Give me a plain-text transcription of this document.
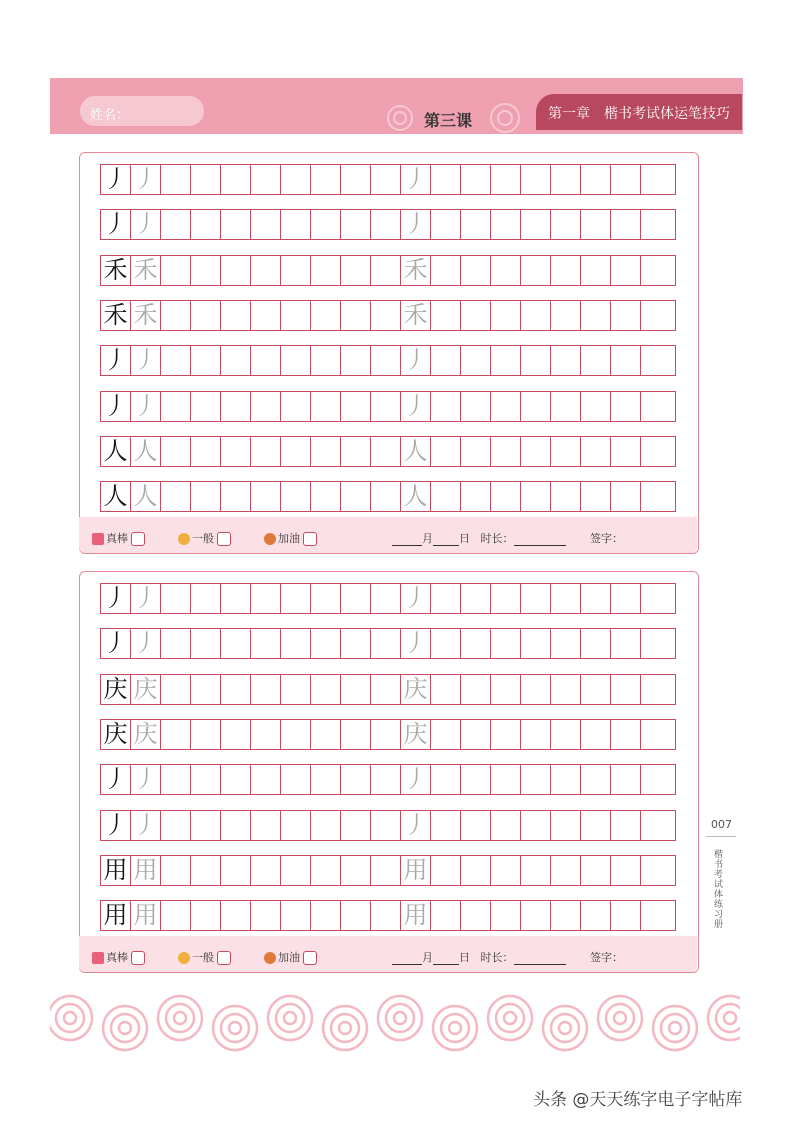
姓名：	第三课	第一章　楷书考试体运笔技巧
丿 丿	丿
丿 丿	丿
禾 禾	禾
禾 禾	禾
丿 丿	丿
丿 丿	丿
人 人	人
人 人	人
真棒	一般	加油	月 日 时长：	签字：
丿 丿	丿
丿 丿	丿
庆 庆	庆
庆 庆	庆
丿 丿	丿
丿 丿	丿
用 用	用
用 用	用
真棒	一般	加油	月 日 时长：	签字：
007
楷书考试体练习册
头条 @天天练字电子字帖库
